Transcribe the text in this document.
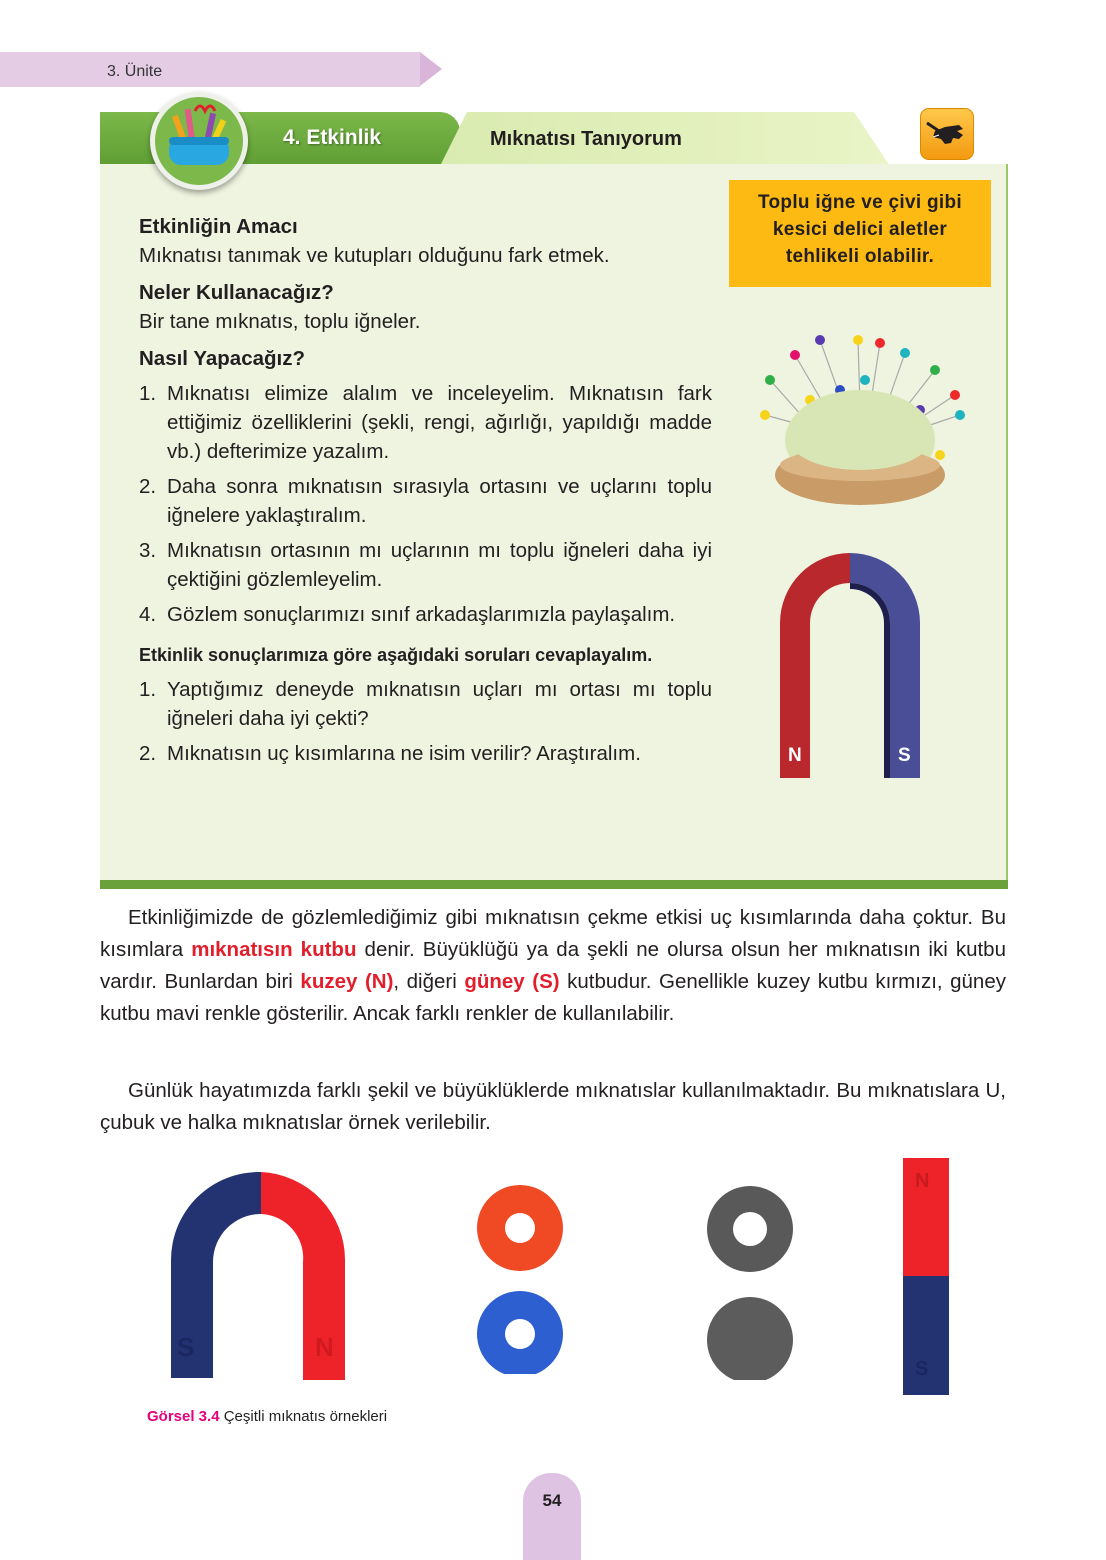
3. Ünite
4. Etkinlik	Mıknatısı Tanıyorum
Toplu iğne ve çivi gibi
kesici delici aletler
tehlikeli olabilir.
Etkinliğin Amacı

Mıknatısı tanımak ve kutupları olduğunu fark etmek.

Neler Kullanacağız?

Bir tane mıknatıs, toplu iğneler.

Nasıl Yapacağız?
1. Mıknatısı elimize alalım ve inceleyelim. Mıknatısın fark ettiğimiz özelliklerini (şekli, rengi, ağırlığı, yapıldığı madde vb.) defterimize yazalım.
2. Daha sonra mıknatısın sırasıyla ortasını ve uçlarını toplu iğnelere yaklaştıralım.
3. Mıknatısın ortasının mı uçlarının mı toplu iğneleri daha iyi çektiğini gözlemleyelim.
4. Gözlem sonuçlarımızı sınıf arkadaşlarımızla paylaşalım.
Etkinlik sonuçlarımıza göre aşağıdaki soruları cevaplayalım.
1. Yaptığımız deneyde mıknatısın uçları mı ortası mı toplu iğneleri daha iyi çekti?
2. Mıknatısın uç kısımlarına ne isim verilir? Araştıralım.	N	S

Etkinliğimizde de gözlemlediğimiz gibi mıknatısın çekme etkisi uç kısımlarında daha çoktur. Bu kısımlara mıknatısın kutbu denir. Büyüklüğü ya da şekli ne olursa olsun her mıknatısın iki kutbu vardır. Bunlardan biri kuzey (N), diğeri güney (S) kutbudur. Genellikle kuzey kutbu kırmızı, güney kutbu mavi renkle gösterilir. Ancak farklı renkler de kullanılabilir.

Günlük hayatımızda farklı şekil ve büyüklüklerde mıknatıslar kullanılmaktadır. Bu mıknatıslara U, çubuk ve halka mıknatıslar örnek verilebilir.

S	N
N
S
Görsel 3.4 Çeşitli mıknatıs örnekleri
54
